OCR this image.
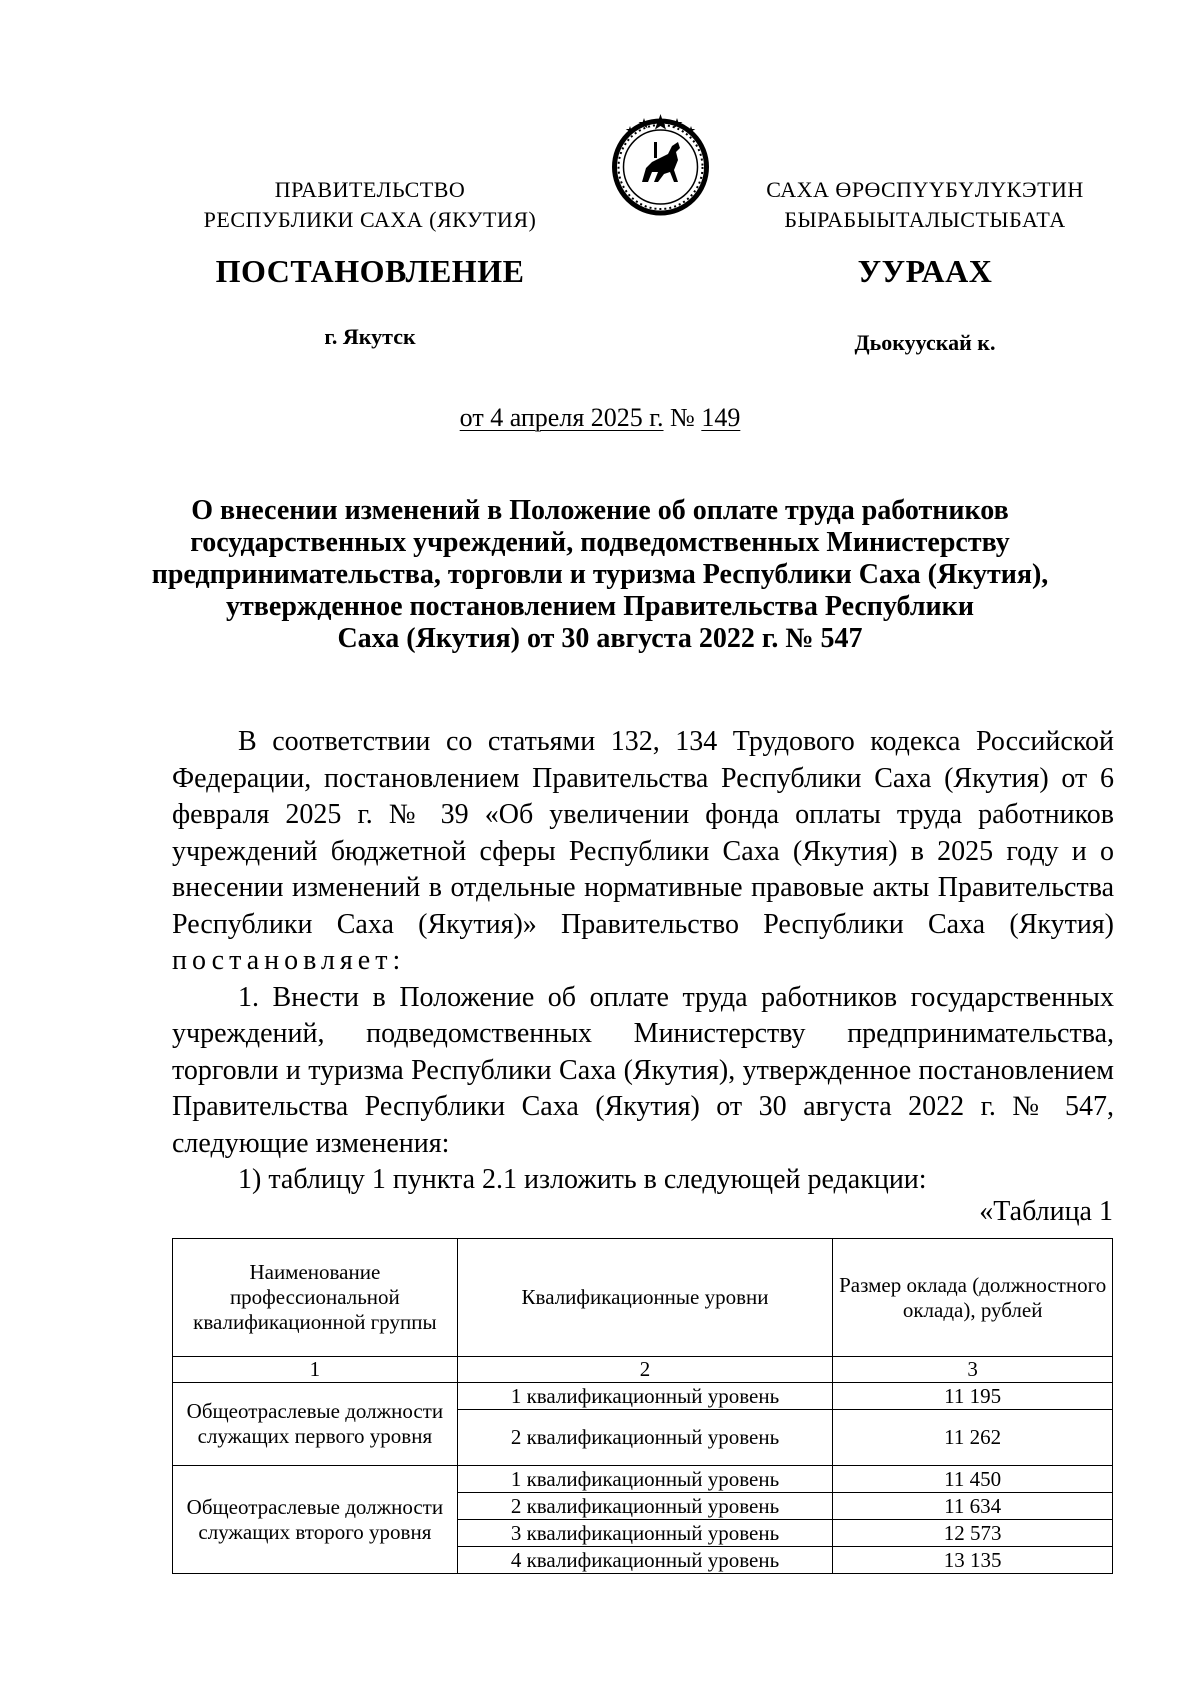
ПРАВИТЕЛЬСТВО
РЕСПУБЛИКИ САХА (ЯКУТИЯ)
САХА ӨРӨСПҮҮБҮЛҮКЭТИН
БЫРАБЫЫТАЛЫСТЫБАТА
ПОСТАНОВЛЕНИЕ	УУРААХ
г. Якутск	Дьокуускай к.
от 4 апреля 2025 г. № 149
О внесении изменений в Положение об оплате труда работников
государственных учреждений, подведомственных Министерству
предпринимательства, торговли и туризма Республики Саха (Якутия),
утвержденное постановлением Правительства Республики
Саха (Якутия) от 30 августа 2022 г. № 547

В соответствии со статьями 132, 134 Трудового кодекса Российской Федерации, постановлением Правительства Республики Саха (Якутия) от 6 февраля 2025 г. № 39 «Об увеличении фонда оплаты труда работников учреждений бюджетной сферы Республики Саха (Якутия) в 2025 году и о внесении изменений в отдельные нормативные правовые акты Правительства Республики Саха (Якутия)» Правительство Республики Саха (Якутия) постановляет:

1. Внести в Положение об оплате труда работников государственных учреждений, подведомственных Министерству предпринимательства, торговли и туризма Республики Саха (Якутия), утвержденное постановлением Правительства Республики Саха (Якутия) от 30 августа 2022 г. № 547, следующие изменения:

1) таблицу 1 пункта 2.1 изложить в следующей редакции:

«Таблица 1
Наименование профессиональной квалификационной группы	Квалификационные уровни	Размер оклада (должностного оклада), рублей
1	2	3
Общеотраслевые должности служащих первого уровня	1 квалификационный уровень	11 195
	2 квалификационный уровень	11 262
Общеотраслевые должности служащих второго уровня	1 квалификационный уровень	11 450
	2 квалификационный уровень	11 634
	3 квалификационный уровень	12 573
	4 квалификационный уровень	13 135
